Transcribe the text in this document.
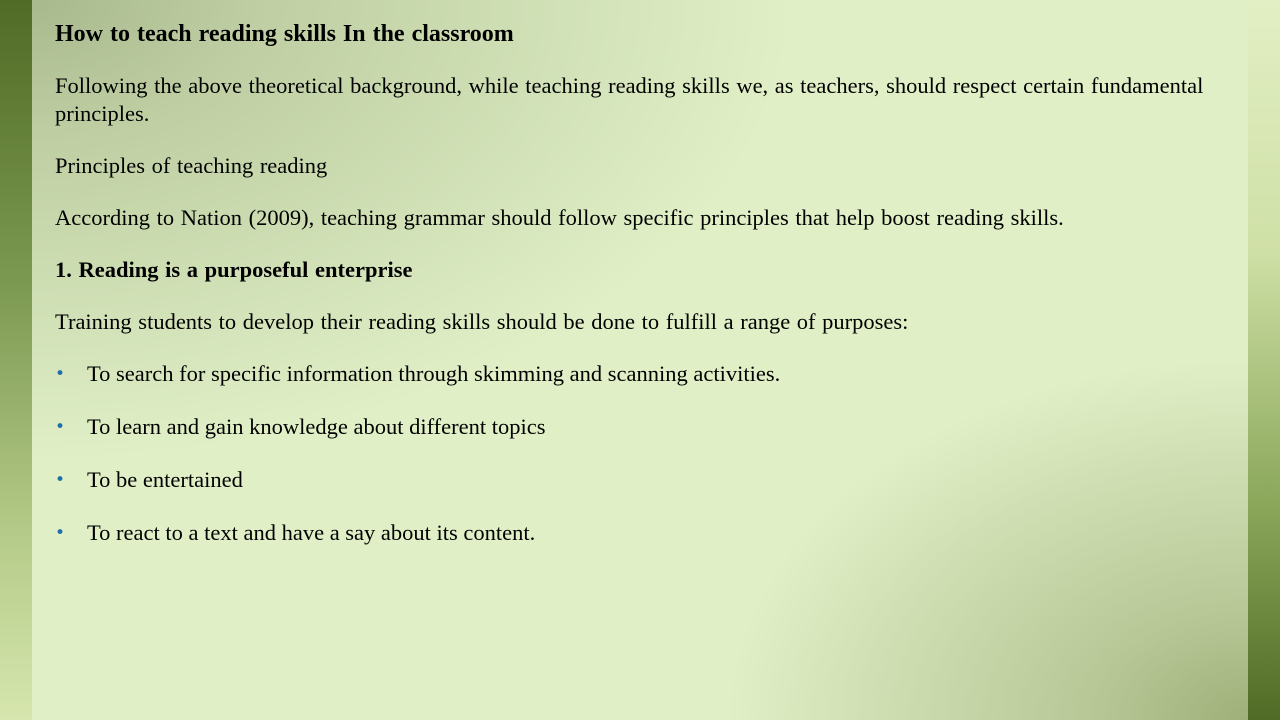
How to teach reading skills In the classroom

Following the above theoretical background, while teaching reading skills we, as teachers, should respect certain fundamental principles.

Principles of teaching reading

According to Nation (2009), teaching grammar should follow specific principles that help boost reading skills.

1. Reading is a purposeful enterprise

Training students to develop their reading skills should be done to fulfill a range of purposes:

• To search for specific information through skimming and scanning activities.
• To learn and gain knowledge about different topics
• To be entertained
• To react to a text and have a say about its content.
